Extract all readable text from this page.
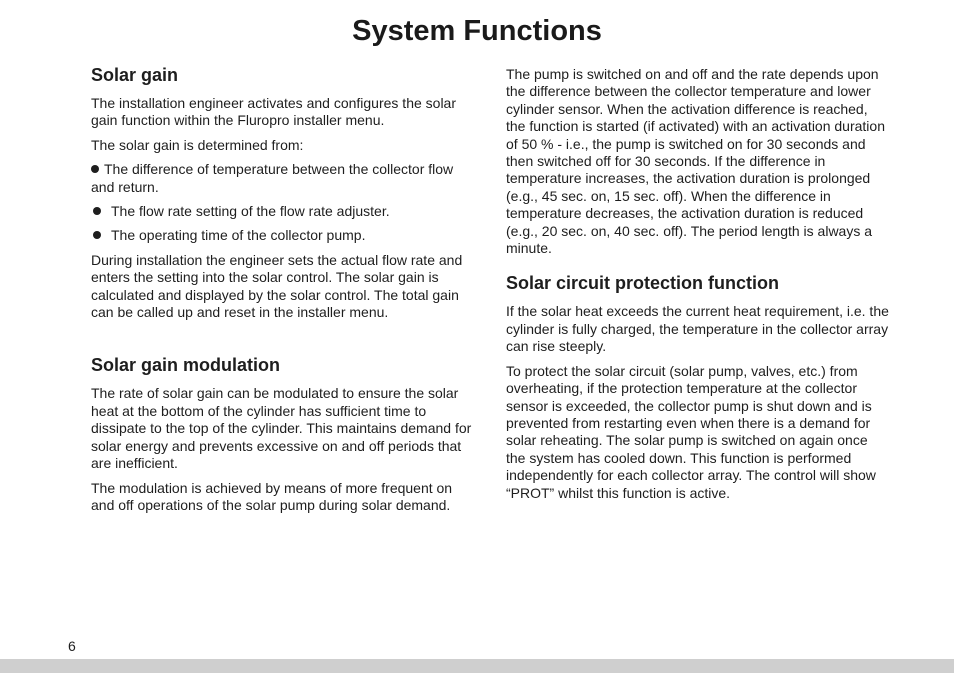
System Functions
Solar gain

The installation engineer activates and configures the solar gain function within the Fluropro installer menu.

The solar gain is determined from:

The difference of temperature between the collector flow and return.
The flow rate setting of the flow rate adjuster.
The operating time of the collector pump.

During installation the engineer sets the actual flow rate and enters the setting into the solar control. The solar gain is calculated and displayed by the solar control. The total gain can be called up and reset in the installer menu.

Solar gain modulation

The rate of solar gain can be modulated to ensure the solar heat at the bottom of the cylinder has sufficient time to dissipate to the top of the cylinder. This maintains demand for solar energy and prevents excessive on and off periods that are inefficient.

The modulation is achieved by means of more frequent on and off operations of the solar pump during solar demand.

The pump is switched on and off and the rate depends upon the difference between the collector temperature and lower cylinder sensor. When the activation difference is reached, the function is started (if activated) with an activation duration of 50 % - i.e., the pump is switched on for 30 seconds and then switched off for 30 seconds. If the difference in temperature increases, the activation duration is prolonged (e.g., 45 sec. on, 15 sec. off). When the difference in temperature decreases, the activation duration is reduced (e.g., 20 sec. on, 40 sec. off). The period length is always a minute.

Solar circuit protection function

If the solar heat exceeds the current heat requirement, i.e. the cylinder is fully charged, the temperature in the collector array can rise steeply.

To protect the solar circuit (solar pump, valves, etc.) from overheating, if the protection temperature at the collector sensor is exceeded, the collector pump is shut down and is prevented from restarting even when there is a demand for solar reheating. The solar pump is switched on again once the system has cooled down. This function is performed independently for each collector array. The control will show “PROT” whilst this function is active.

6
